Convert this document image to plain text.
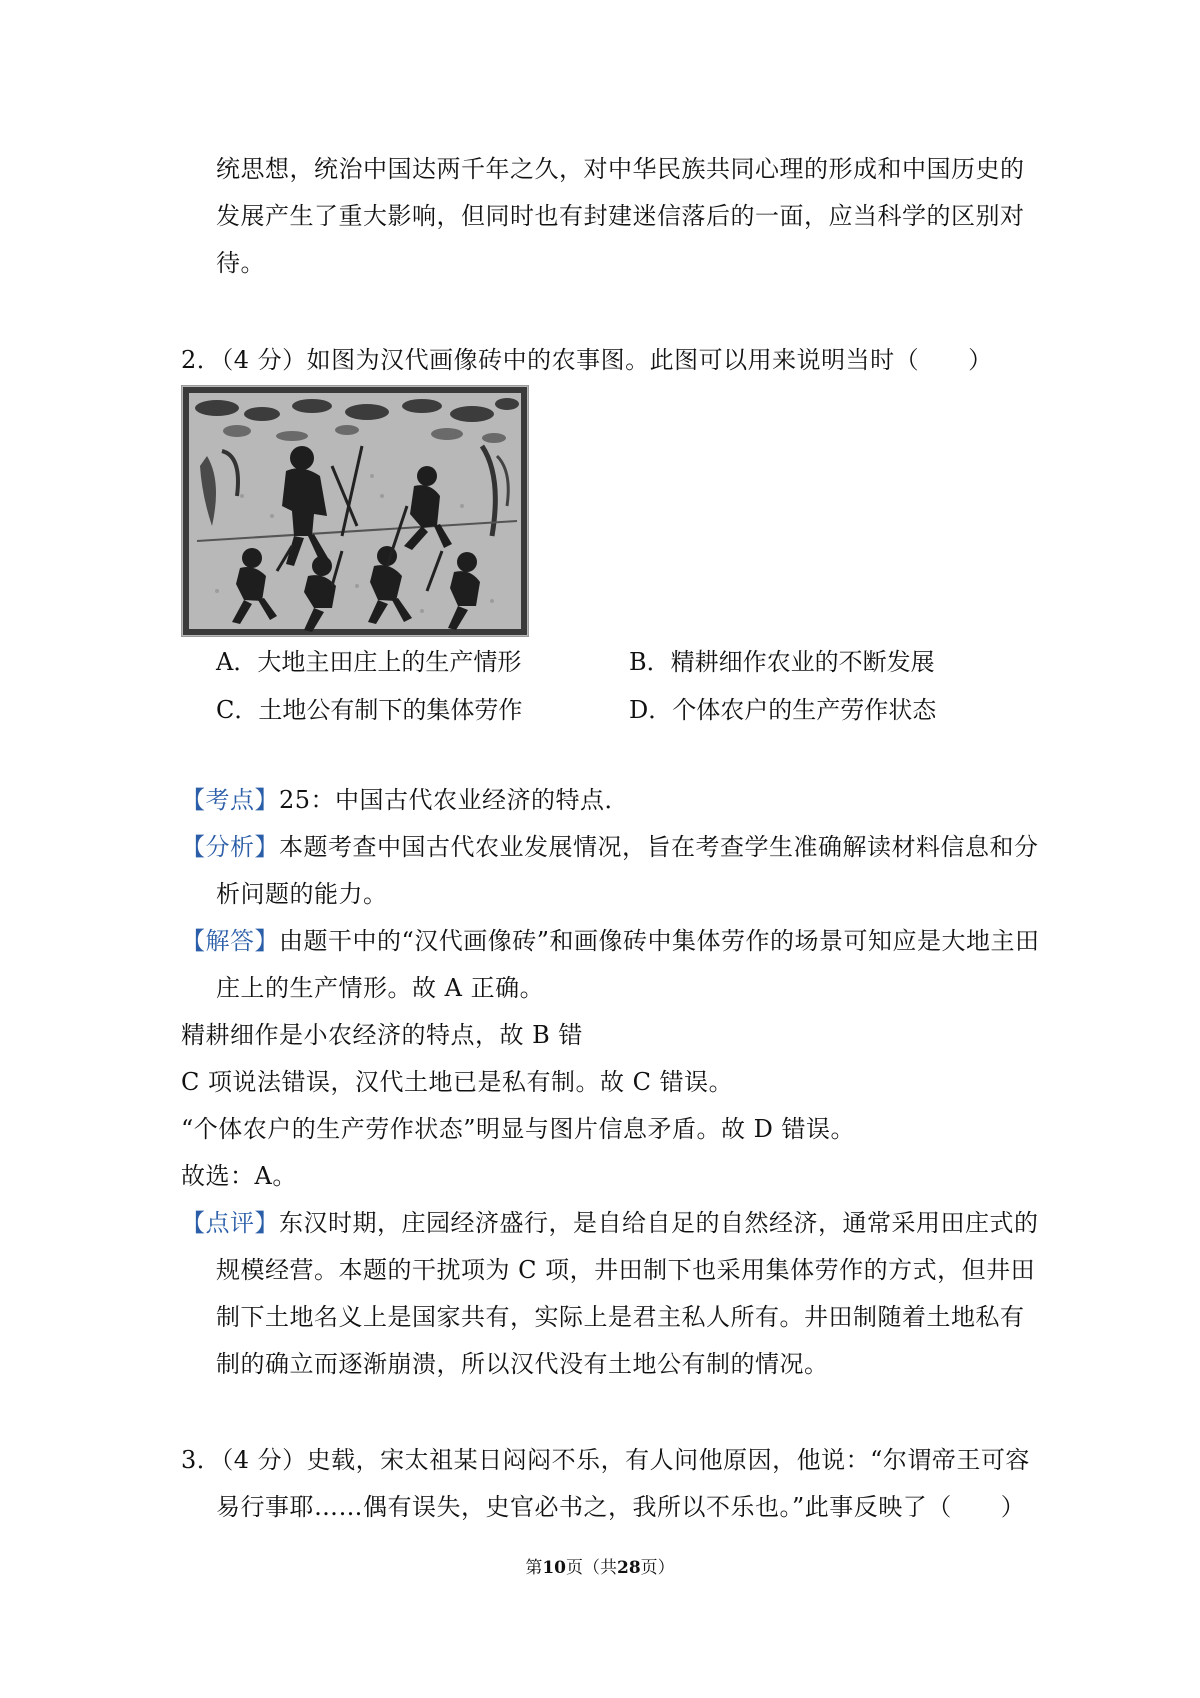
统思想，统治中国达两千年之久，对中华民族共同心理的形成和中国历史的
发展产生了重大影响，但同时也有封建迷信落后的一面，应当科学的区别对
待。
2．（4 分）如图为汉代画像砖中的农事图。此图可以用来说明当时（　　）
A．大地主田庄上的生产情形	B．精耕细作农业的不断发展
C．土地公有制下的集体劳作	D．个体农户的生产劳作状态
【考点】25：中国古代农业经济的特点．
【分析】本题考查中国古代农业发展情况，旨在考查学生准确解读材料信息和分
析问题的能力。
【解答】由题干中的“汉代画像砖”和画像砖中集体劳作的场景可知应是大地主田
庄上的生产情形。故 A 正确。
精耕细作是小农经济的特点，故 B 错
C 项说法错误，汉代土地已是私有制。故 C 错误。
“个体农户的生产劳作状态”明显与图片信息矛盾。故 D 错误。
故选：A。
【点评】东汉时期，庄园经济盛行，是自给自足的自然经济，通常采用田庄式的
规模经营。本题的干扰项为 C 项，井田制下也采用集体劳作的方式，但井田
制下土地名义上是国家共有，实际上是君主私人所有。井田制随着土地私有
制的确立而逐渐崩溃，所以汉代没有土地公有制的情况。
3．（4 分）史载，宋太祖某日闷闷不乐，有人问他原因，他说：“尔谓帝王可容
易行事耶……偶有误失，史官必书之，我所以不乐也。”此事反映了（　　）
第10页（共28页）
